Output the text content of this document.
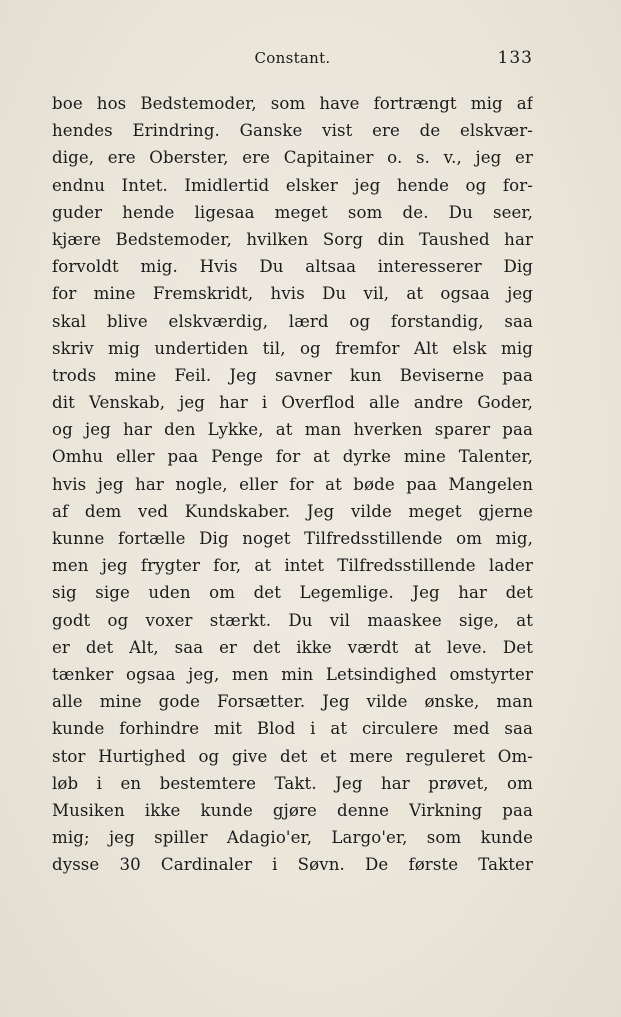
Constant.	133
boe hos Bedstemoder, som have fortrængt mig af
hendes Erindring. Ganske vist ere de elskvær-
dige, ere Oberster, ere Capitainer o. s. v., jeg er
endnu Intet. Imidlertid elsker jeg hende og for-
guder hende ligesaa meget som de. Du seer,
kjære Bedstemoder, hvilken Sorg din Taushed har
forvoldt mig. Hvis Du altsaa interesserer Dig
for mine Fremskridt, hvis Du vil, at ogsaa jeg
skal blive elskværdig, lærd og forstandig, saa
skriv mig undertiden til, og fremfor Alt elsk mig
trods mine Feil. Jeg savner kun Beviserne paa
dit Venskab, jeg har i Overflod alle andre Goder,
og jeg har den Lykke, at man hverken sparer paa
Omhu eller paa Penge for at dyrke mine Talenter,
hvis jeg har nogle, eller for at bøde paa Mangelen
af dem ved Kundskaber. Jeg vilde meget gjerne
kunne fortælle Dig noget Tilfredsstillende om mig,
men jeg frygter for, at intet Tilfredsstillende lader
sig sige uden om det Legemlige. Jeg har det
godt og voxer stærkt. Du vil maaskee sige, at
er det Alt, saa er det ikke værdt at leve. Det
tænker ogsaa jeg, men min Letsindighed omstyrter
alle mine gode Forsætter. Jeg vilde ønske, man
kunde forhindre mit Blod i at circulere med saa
stor Hurtighed og give det et mere reguleret Om-
løb i en bestemtere Takt. Jeg har prøvet, om
Musiken ikke kunde gjøre denne Virkning paa
mig; jeg spiller Adagio'er, Largo'er, som kunde
dysse 30 Cardinaler i Søvn. De første Takter
